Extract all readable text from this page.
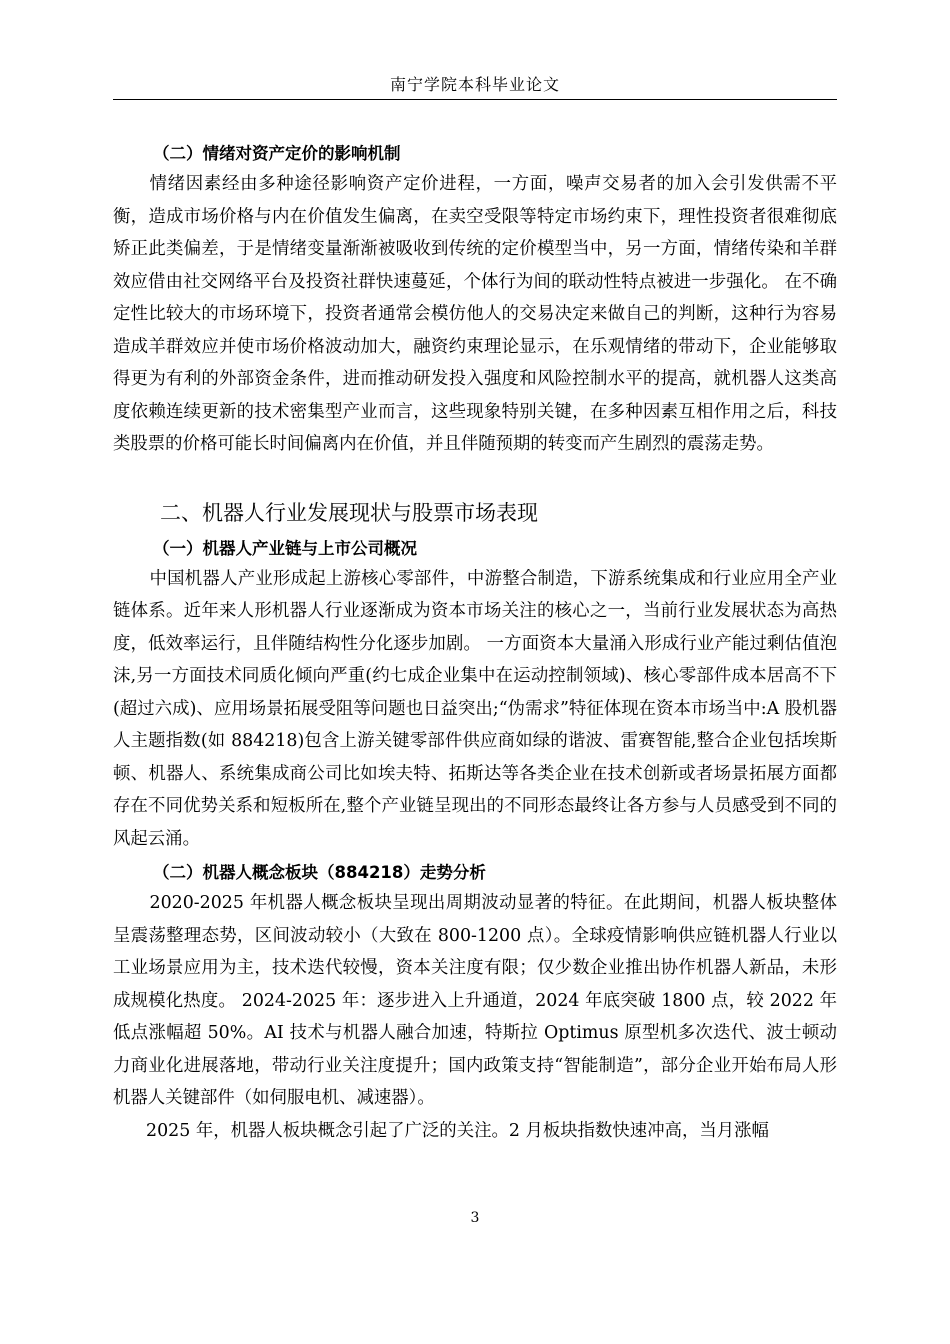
南宁学院本科毕业论文

（二）情绪对资产定价的影响机制

情绪因素经由多种途径影响资产定价进程，一方面，噪声交易者的加入会引发供需不平衡，造成市场价格与内在价值发生偏离，在卖空受限等特定市场约束下，理性投资者很难彻底矫正此类偏差，于是情绪变量渐渐被吸收到传统的定价模型当中，另一方面，情绪传染和羊群效应借由社交网络平台及投资社群快速蔓延，个体行为间的联动性特点被进一步强化。 在不确定性比较大的市场环境下，投资者通常会模仿他人的交易决定来做自己的判断，这种行为容易造成羊群效应并使市场价格波动加大，融资约束理论显示，在乐观情绪的带动下，企业能够取得更为有利的外部资金条件，进而推动研发投入强度和风险控制水平的提高，就机器人这类高度依赖连续更新的技术密集型产业而言，这些现象特别关键，在多种因素互相作用之后，科技类股票的价格可能长时间偏离内在价值，并且伴随预期的转变而产生剧烈的震荡走势。

二、机器人行业发展现状与股票市场表现

（一）机器人产业链与上市公司概况

中国机器人产业形成起上游核心零部件，中游整合制造，下游系统集成和行业应用全产业链体系。近年来人形机器人行业逐渐成为资本市场关注的核心之一，当前行业发展状态为高热度，低效率运行，且伴随结构性分化逐步加剧。 一方面资本大量涌入形成行业产能过剩估值泡沫,另一方面技术同质化倾向严重(约七成企业集中在运动控制领域)、核心零部件成本居高不下(超过六成)、应用场景拓展受阻等问题也日益突出;“伪需求”特征体现在资本市场当中:A 股机器人主题指数(如 884218)包含上游关键零部件供应商如绿的谐波、雷赛智能,整合企业包括埃斯顿、机器人、系统集成商公司比如埃夫特、拓斯达等各类企业在技术创新或者场景拓展方面都存在不同优势关系和短板所在,整个产业链呈现出的不同形态最终让各方参与人员感受到不同的风起云涌。

（二）机器人概念板块（884218）走势分析

2020-2025 年机器人概念板块呈现出周期波动显著的特征。在此期间，机器人板块整体呈震荡整理态势，区间波动较小（大致在 800-1200 点）。全球疫情影响供应链机器人行业以工业场景应用为主，技术迭代较慢，资本关注度有限；仅少数企业推出协作机器人新品，未形成规模化热度。 2024-2025 年：逐步进入上升通道，2024 年底突破 1800 点，较 2022 年低点涨幅超 50%。AI 技术与机器人融合加速，特斯拉 Optimus 原型机多次迭代、波士顿动力商业化进展落地，带动行业关注度提升；国内政策支持“智能制造”，部分企业开始布局人形机器人关键部件（如伺服电机、减速器）。

2025 年，机器人板块概念引起了广泛的关注。2 月板块指数快速冲高，当月涨幅

3
